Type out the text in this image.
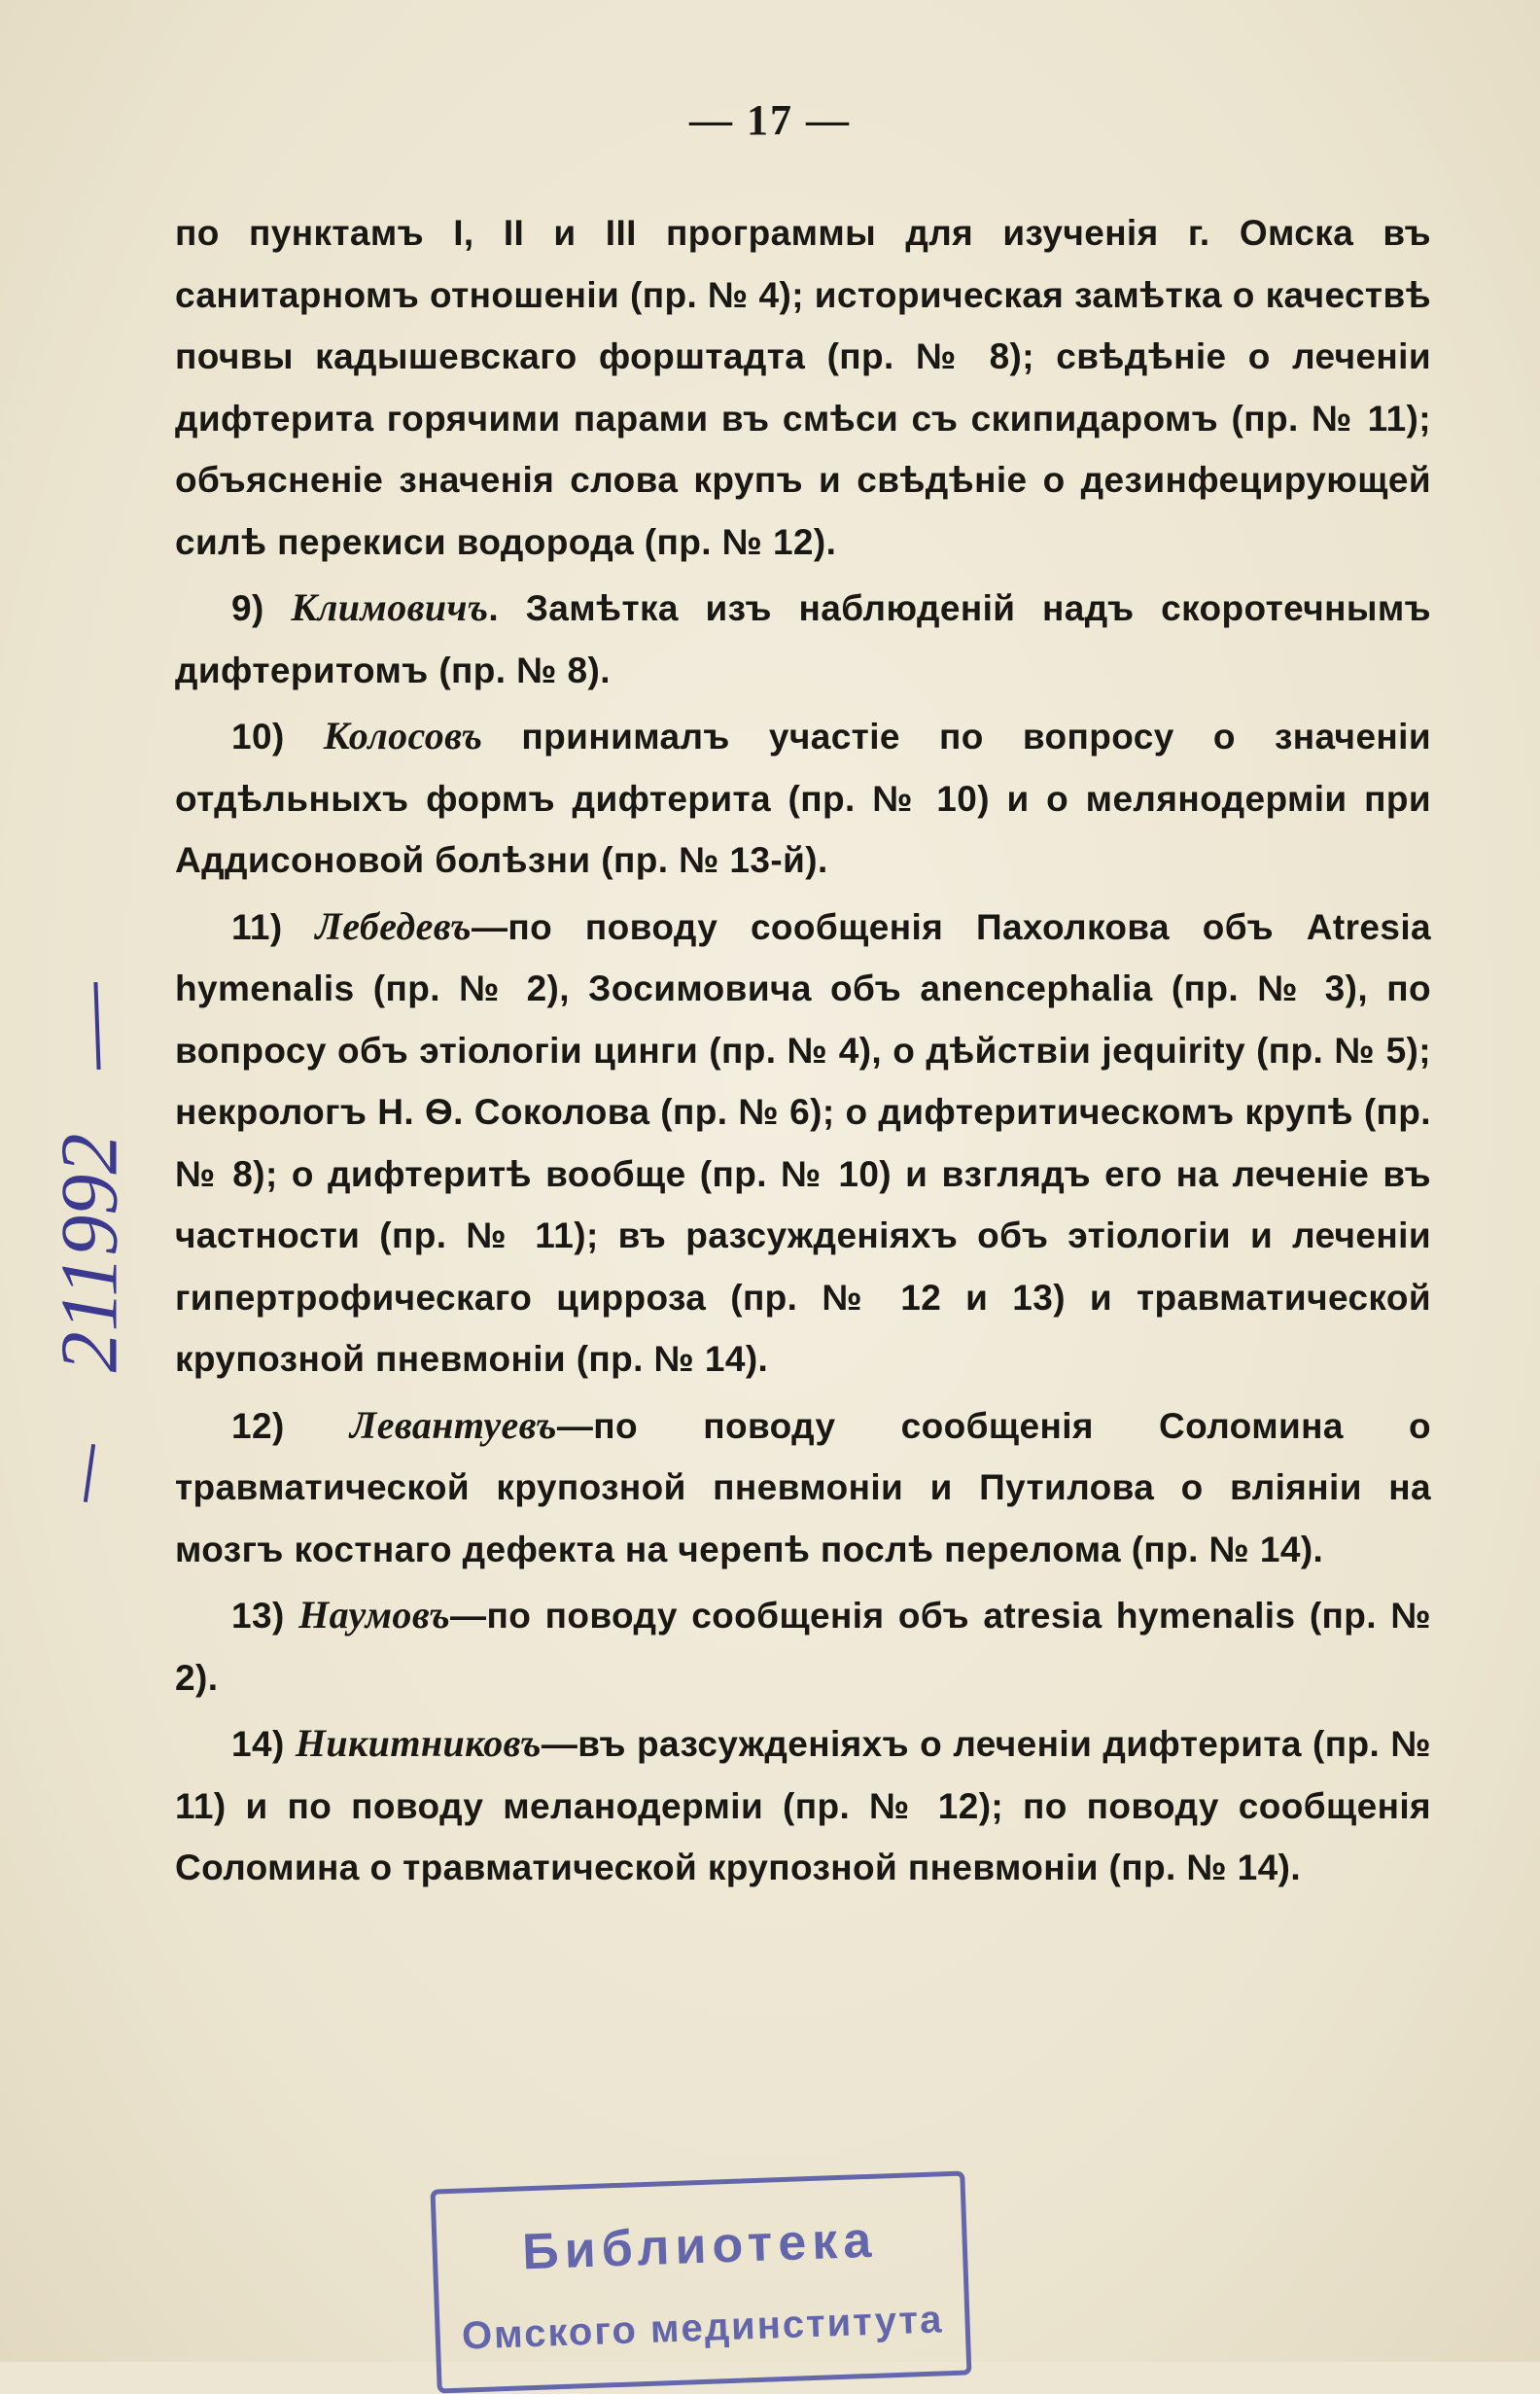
— 17 —

по пунктамъ I, II и III программы для изученія г. Омска въ санитарномъ отношеніи (пр. № 4); историческая замѣтка о качествѣ почвы кадышевскаго форштадта (пр. № 8); свѣдѣніе о леченіи дифтерита горячими парами въ смѣси съ скипидаромъ (пр. № 11); объясненіе значенія слова крупъ и свѣдѣніе о дезинфецирующей силѣ перекиси водорода (пр. № 12).

9) Климовичъ. Замѣтка изъ наблюденій надъ скоротечнымъ дифтеритомъ (пр. № 8).

10) Колосовъ принималъ участіе по вопросу о значеніи отдѣльныхъ формъ дифтерита (пр. № 10) и о мелянодерміи при Аддисоновой болѣзни (пр. № 13-й).

11) Лебедевъ—по поводу сообщенія Пахолкова объ Atresia hymenalis (пр. № 2), Зосимовича объ anencephalia (пр. № 3), по вопросу объ этіологіи цинги (пр. № 4), о дѣйствіи jequirity (пр. № 5); некрологъ Н. Ѳ. Соколова (пр. № 6); о дифтеритическомъ крупѣ (пр. № 8); о дифтеритѣ вообще (пр. № 10) и взглядъ его на леченіе въ частности (пр. № 11); въ разсужденіяхъ объ этіологіи и леченіи гипертрофическаго цирроза (пр. № 12 и 13) и травматической крупозной пневмоніи (пр. № 14).

12) Левантуевъ—по поводу сообщенія Соломина о травматической крупозной пневмоніи и Путилова о вліяніи на мозгъ костнаго дефекта на черепѣ послѣ перелома (пр. № 14).

13) Наумовъ—по поводу сообщенія объ atresia hymenalis (пр. № 2).

14) Никитниковъ—въ разсужденіяхъ о леченіи дифтерита (пр. № 11) и по поводу меланодерміи (пр. № 12); по поводу сообщенія Соломина о травматической крупозной пневмоніи (пр. № 14).

211992
Библиотека
Омского мединститута
